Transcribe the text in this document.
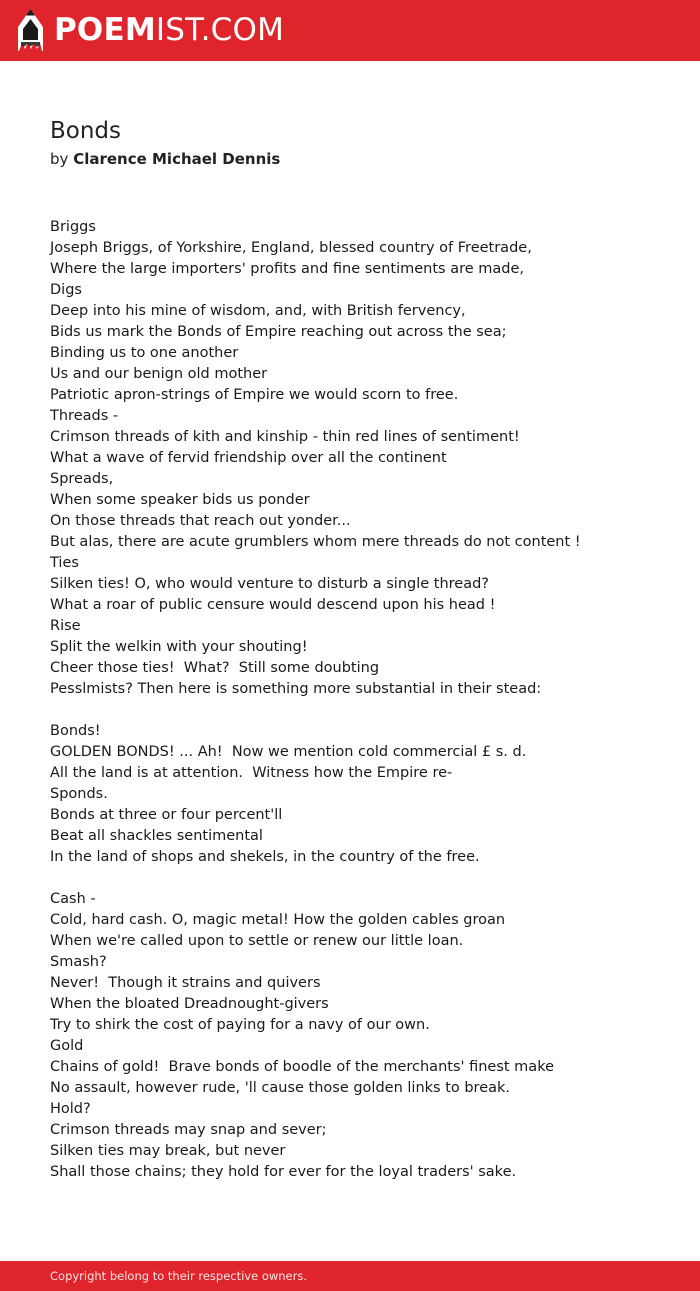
POEMIST.COM
Bonds
by Clarence Michael Dennis
Briggs
Joseph Briggs, of Yorkshire, England, blessed country of Freetrade,
Where the large importers' profits and fine sentiments are made,
Digs
Deep into his mine of wisdom, and, with British fervency,
Bids us mark the Bonds of Empire reaching out across the sea;
Binding us to one another
Us and our benign old mother
Patriotic apron-strings of Empire we would scorn to free.
Threads -
Crimson threads of kith and kinship - thin red lines of sentiment!
What a wave of fervid friendship over all the continent
Spreads,
When some speaker bids us ponder
On those threads that reach out yonder...
But alas, there are acute grumblers whom mere threads do not content !
Ties
Silken ties! O, who would venture to disturb a single thread?
What a roar of public censure would descend upon his head !
Rise
Split the welkin with your shouting!
Cheer those ties!  What?  Still some doubting
Pesslmists? Then here is something more substantial in their stead:
Bonds!
GOLDEN BONDS! ... Ah!  Now we mention cold commercial £ s. d.
All the land is at attention.  Witness how the Empire re-
Sponds.
Bonds at three or four percent'll
Beat all shackles sentimental
In the land of shops and shekels, in the country of the free.
Cash -
Cold, hard cash. O, magic metal! How the golden cables groan
When we're called upon to settle or renew our little loan.
Smash?
Never!  Though it strains and quivers
When the bloated Dreadnought-givers
Try to shirk the cost of paying for a navy of our own.
Gold
Chains of gold!  Brave bonds of boodle of the merchants' finest make
No assault, however rude, 'll cause those golden links to break.
Hold?
Crimson threads may snap and sever;
Silken ties may break, but never
Shall those chains; they hold for ever for the loyal traders' sake.
Copyright belong to their respective owners.
